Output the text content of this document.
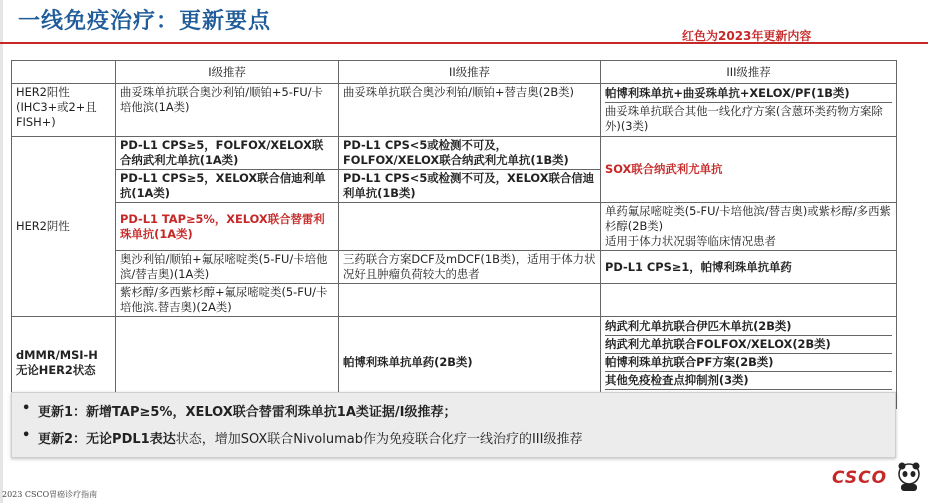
一线免疫治疗：更新要点
红色为2023年更新内容
	I级推荐	II级推荐	III级推荐
HER2阳性(IHC3+或2+且FISH+)	曲妥珠单抗联合奥沙利铂/顺铂+5-FU/卡培他滨(1A类)	曲妥珠单抗联合奥沙利铂/顺铂+替吉奥(2B类)	帕博利珠单抗+曲妥珠单抗+XELOX/PF(1B类)
曲妥珠单抗联合其他一线化疗方案(含蒽环类药物方案除外)(3类)

HER2阴性	PD-L1 CPS≥5，FOLFOX/XELOX联合纳武利尤单抗(1A类)	PD-L1 CPS<5或检测不可及，FOLFOX/XELOX联合纳武利尤单抗(1B类)	SOX联合纳武利尤单抗
	PD-L1 CPS≥5，XELOX联合信迪利单抗(1A类)	PD-L1 CPS<5或检测不可及，XELOX联合信迪利单抗(1B类)	
	PD-L1 TAP≥5%，XELOX联合替雷利珠单抗(1A类)		单药氟尿嘧啶类(5-FU/卡培他滨/替吉奥)或紫杉醇/多西紫杉醇(2B类)
适用于体力状况弱等临床情况患者

	奥沙利铂/顺铂+氟尿嘧啶类(5-FU/卡培他滨/替吉奥)(1A类)	三药联合方案DCF及mDCF(1B类)，适用于体力状况好且肿瘤负荷较大的患者	PD-L1 CPS≥1，帕博利珠单抗单药
	紫杉醇/多西紫杉醇+氟尿嘧啶类(5-FU/卡培他滨.替吉奥)(2A类)		
dMMR/MSI-H 无论HER2状态		帕博利珠单抗单药(2B类)	纳武利尤单抗联合伊匹木单抗(2B类)
纳武利尤单抗联合FOLFOX/XELOX(2B类)
帕博利珠单抗联合PF方案(2B类)
其他免疫检查点抑制剂(3类)
• 更新1： 新增TAP≥5%，XELOX联合替雷利珠单抗1A类证据/I级推荐；
• 更新2： 无论PDL1表达 状态，增加SOX联合Nivolumab作为免疫联合化疗一线治疗的III级推荐
2023 CSCO胃癌诊疗指南
CSCO
